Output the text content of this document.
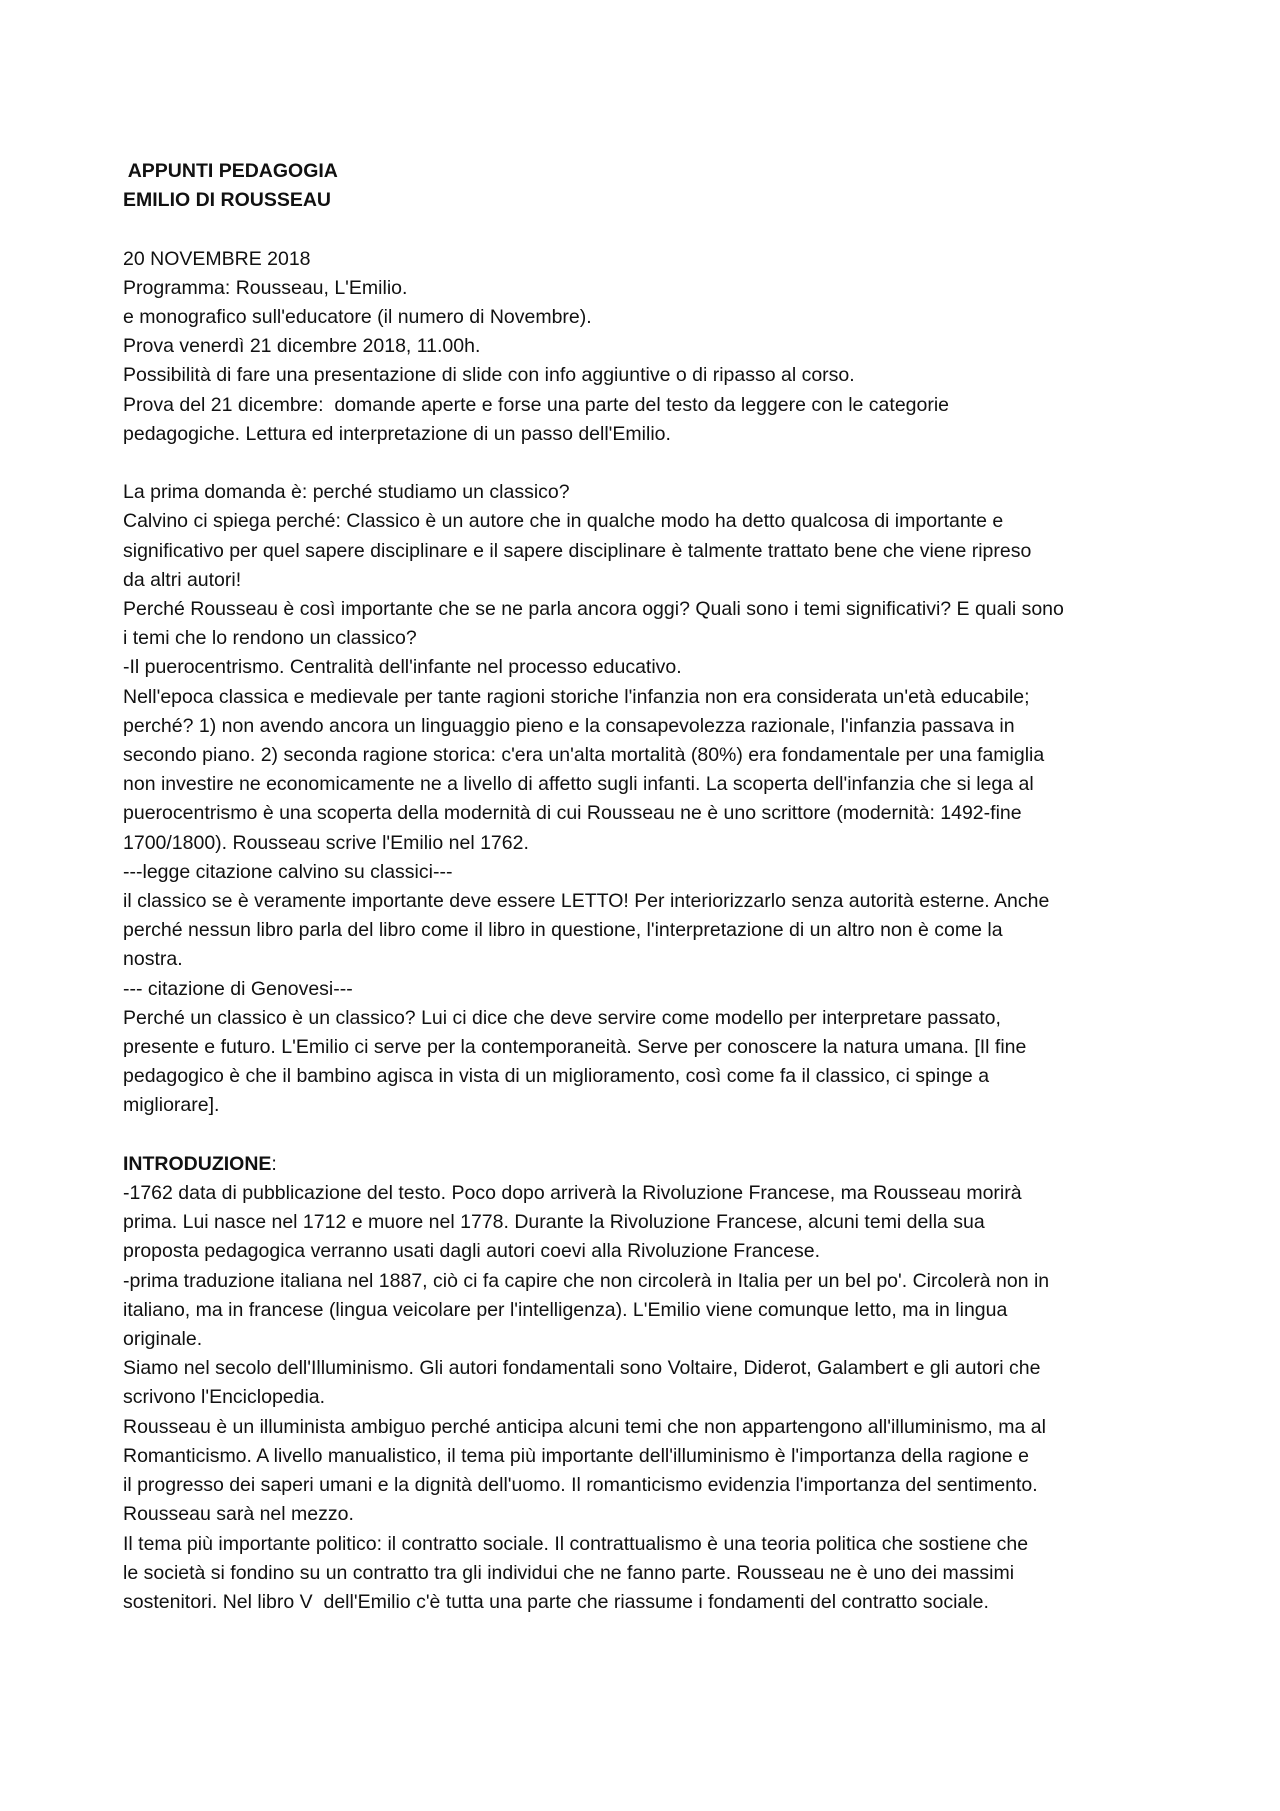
APPUNTI PEDAGOGIA
EMILIO DI ROUSSEAU
20 NOVEMBRE 2018
Programma: Rousseau, L'Emilio.
e monografico sull'educatore (il numero di Novembre).
Prova venerdì 21 dicembre 2018, 11.00h.
Possibilità di fare una presentazione di slide con info aggiuntive o di ripasso al corso.
Prova del 21 dicembre:  domande aperte e forse una parte del testo da leggere con le categorie
pedagogiche. Lettura ed interpretazione di un passo dell'Emilio.
La prima domanda è: perché studiamo un classico?
Calvino ci spiega perché: Classico è un autore che in qualche modo ha detto qualcosa di importante e
significativo per quel sapere disciplinare e il sapere disciplinare è talmente trattato bene che viene ripreso
da altri autori!
Perché Rousseau è così importante che se ne parla ancora oggi? Quali sono i temi significativi? E quali sono
i temi che lo rendono un classico?
-Il puerocentrismo. Centralità dell'infante nel processo educativo.
Nell'epoca classica e medievale per tante ragioni storiche l'infanzia non era considerata un'età educabile;
perché? 1) non avendo ancora un linguaggio pieno e la consapevolezza razionale, l'infanzia passava in
secondo piano. 2) seconda ragione storica: c'era un'alta mortalità (80%) era fondamentale per una famiglia
non investire ne economicamente ne a livello di affetto sugli infanti. La scoperta dell'infanzia che si lega al
puerocentrismo è una scoperta della modernità di cui Rousseau ne è uno scrittore (modernità: 1492-fine
1700/1800). Rousseau scrive l'Emilio nel 1762.
---legge citazione calvino su classici---
il classico se è veramente importante deve essere LETTO! Per interiorizzarlo senza autorità esterne. Anche
perché nessun libro parla del libro come il libro in questione, l'interpretazione di un altro non è come la
nostra.
--- citazione di Genovesi---
Perché un classico è un classico? Lui ci dice che deve servire come modello per interpretare passato,
presente e futuro. L'Emilio ci serve per la contemporaneità. Serve per conoscere la natura umana. [Il fine
pedagogico è che il bambino agisca in vista di un miglioramento, così come fa il classico, ci spinge a
migliorare].
INTRODUZIONE:
-1762 data di pubblicazione del testo. Poco dopo arriverà la Rivoluzione Francese, ma Rousseau morirà
prima. Lui nasce nel 1712 e muore nel 1778. Durante la Rivoluzione Francese, alcuni temi della sua
proposta pedagogica verranno usati dagli autori coevi alla Rivoluzione Francese.
-prima traduzione italiana nel 1887, ciò ci fa capire che non circolerà in Italia per un bel po'. Circolerà non in
italiano, ma in francese (lingua veicolare per l'intelligenza). L'Emilio viene comunque letto, ma in lingua
originale.
Siamo nel secolo dell'Illuminismo. Gli autori fondamentali sono Voltaire, Diderot, Galambert e gli autori che
scrivono l'Enciclopedia.
Rousseau è un illuminista ambiguo perché anticipa alcuni temi che non appartengono all'illuminismo, ma al
Romanticismo. A livello manualistico, il tema più importante dell'illuminismo è l'importanza della ragione e
il progresso dei saperi umani e la dignità dell'uomo. Il romanticismo evidenzia l'importanza del sentimento.
Rousseau sarà nel mezzo.
Il tema più importante politico: il contratto sociale. Il contrattualismo è una teoria politica che sostiene che
le società si fondino su un contratto tra gli individui che ne fanno parte. Rousseau ne è uno dei massimi
sostenitori. Nel libro V  dell'Emilio c'è tutta una parte che riassume i fondamenti del contratto sociale.
